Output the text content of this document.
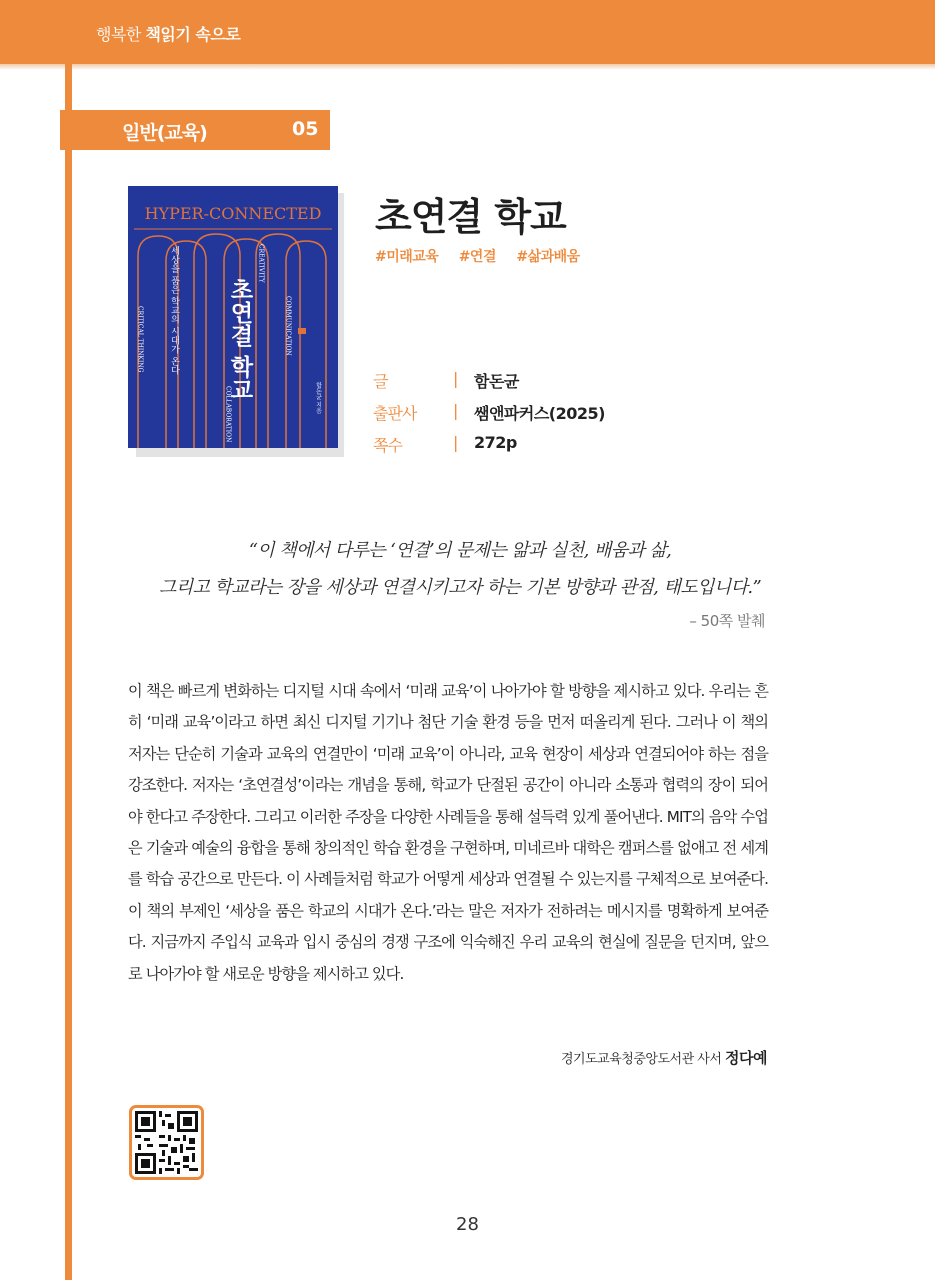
행복한 책읽기 속으로
일반(교육)	05
HYPER-CONNECTED
초연결 학교
세상을 품은 학교의 시대가 온다
CRITICAL THINKING
COLLABORATION
CREATIVITY
COMMUNICATION
함돈균 지음
초연결 학교
#미래교육 #연결 #삶과배움
글	| 함돈균
출판사	| 쌤앤파커스(2025)
쪽수	| 272p
“이 책에서 다루는 ‘연결’의 문제는 앎과 실천, 배움과 삶,
그리고 학교라는 장을 세상과 연결시키고자 하는 기본 방향과 관점, 태도입니다.”
– 50쪽 발췌
이 책은 빠르게 변화하는 디지털 시대 속에서 ‘미래 교육’이 나아가야 할 방향을 제시하고 있다. 우리는 흔히 ‘미래 교육’이라고 하면 최신 디지털 기기나 첨단 기술 환경 등을 먼저 떠올리게 된다. 그러나 이 책의 저자는 단순히 기술과 교육의 연결만이 ‘미래 교육’이 아니라, 교육 현장이 세상과 연결되어야 하는 점을 강조한다. 저자는 ‘초연결성’이라는 개념을 통해, 학교가 단절된 공간이 아니라 소통과 협력의 장이 되어야 한다고 주장한다. 그리고 이러한 주장을 다양한 사례들을 통해 설득력 있게 풀어낸다. MIT의 음악 수업은 기술과 예술의 융합을 통해 창의적인 학습 환경을 구현하며, 미네르바 대학은 캠퍼스를 없애고 전 세계를 학습 공간으로 만든다. 이 사례들처럼 학교가 어떻게 세상과 연결될 수 있는지를 구체적으로 보여준다. 이 책의 부제인 ‘세상을 품은 학교의 시대가 온다.’라는 말은 저자가 전하려는 메시지를 명확하게 보여준다. 지금까지 주입식 교육과 입시 중심의 경쟁 구조에 익숙해진 우리 교육의 현실에 질문을 던지며, 앞으로 나아가야 할 새로운 방향을 제시하고 있다.
경기도교육청중앙도서관 사서 정다예
28
